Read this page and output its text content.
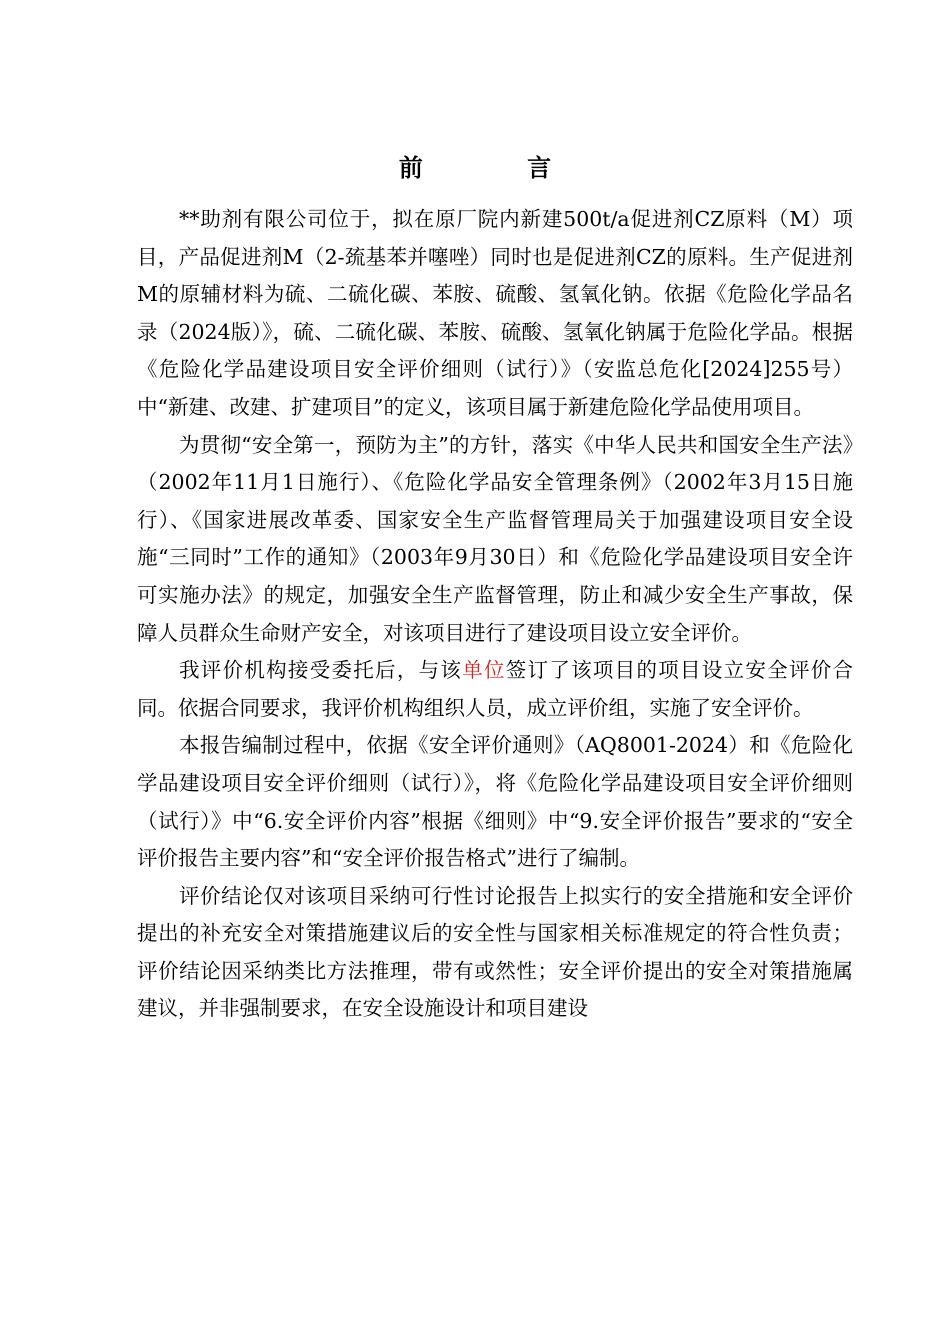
前 言

**助剂有限公司位于，拟在原厂院内新建500t/a促进剂CZ原料（M）项目，产品促进剂M（2-巯基苯并噻唑）同时也是促进剂CZ的原料。生产促进剂M的原辅材料为硫、二硫化碳、苯胺、硫酸、氢氧化钠。依据《危险化学品名录（2024版）》，硫、二硫化碳、苯胺、硫酸、氢氧化钠属于危险化学品。根据《危险化学品建设项目安全评价细则（试行）》（安监总危化[2024]255号）中“新建、改建、扩建项目”的定义，该项目属于新建危险化学品使用项目。

为贯彻“安全第一，预防为主”的方针，落实《中华人民共和国安全生产法》（2002年11月1日施行）、《危险化学品安全管理条例》（2002年3月15日施行）、《国家进展改革委、国家安全生产监督管理局关于加强建设项目安全设施“三同时”工作的通知》（2003年9月30日）和《危险化学品建设项目安全许可实施办法》的规定，加强安全生产监督管理，防止和减少安全生产事故，保障人员群众生命财产安全，对该项目进行了建设项目设立安全评价。

我评价机构接受委托后，与该单位签订了该项目的项目设立安全评价合同。依据合同要求，我评价机构组织人员，成立评价组，实施了安全评价。

本报告编制过程中，依据《安全评价通则》（AQ8001-2024）和《危险化学品建设项目安全评价细则（试行）》，将《危险化学品建设项目安全评价细则（试行）》中“6.安全评价内容”根据《细则》中“9.安全评价报告”要求的“安全评价报告主要内容”和“安全评价报告格式”进行了编制。

评价结论仅对该项目采纳可行性讨论报告上拟实行的安全措施和安全评价提出的补充安全对策措施建议后的安全性与国家相关标准规定的符合性负责；评价结论因采纳类比方法推理，带有或然性；安全评价提出的安全对策措施属建议，并非强制要求，在安全设施设计和项目建设
